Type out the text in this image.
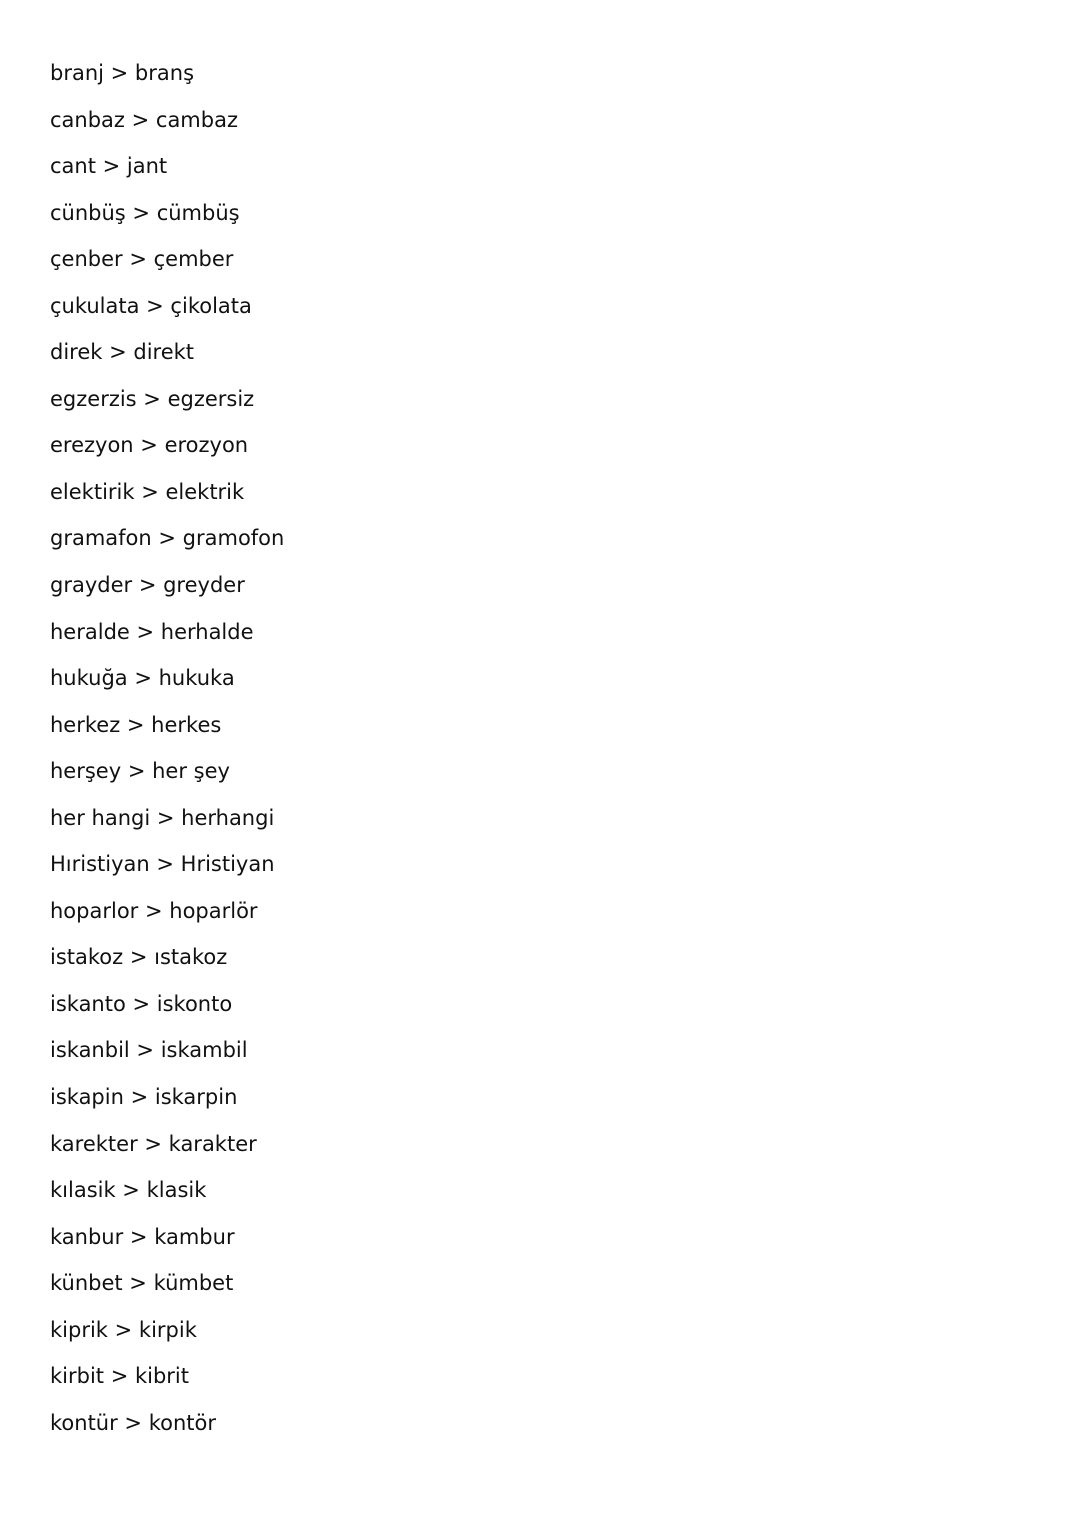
branj > branş
canbaz > cambaz
cant > jant
cünbüş > cümbüş
çenber > çember
çukulata > çikolata
direk > direkt
egzerzis > egzersiz
erezyon > erozyon
elektirik > elektrik
gramafon > gramofon
grayder > greyder
heralde > herhalde
hukuğa > hukuka
herkez > herkes
herşey > her şey
her hangi > herhangi
Hıristiyan > Hristiyan
hoparlor > hoparlör
istakoz > ıstakoz
iskanto > iskonto
iskanbil > iskambil
iskapin > iskarpin
karekter > karakter
kılasik > klasik
kanbur > kambur
künbet > kümbet
kiprik > kirpik
kirbit > kibrit
kontür > kontör
